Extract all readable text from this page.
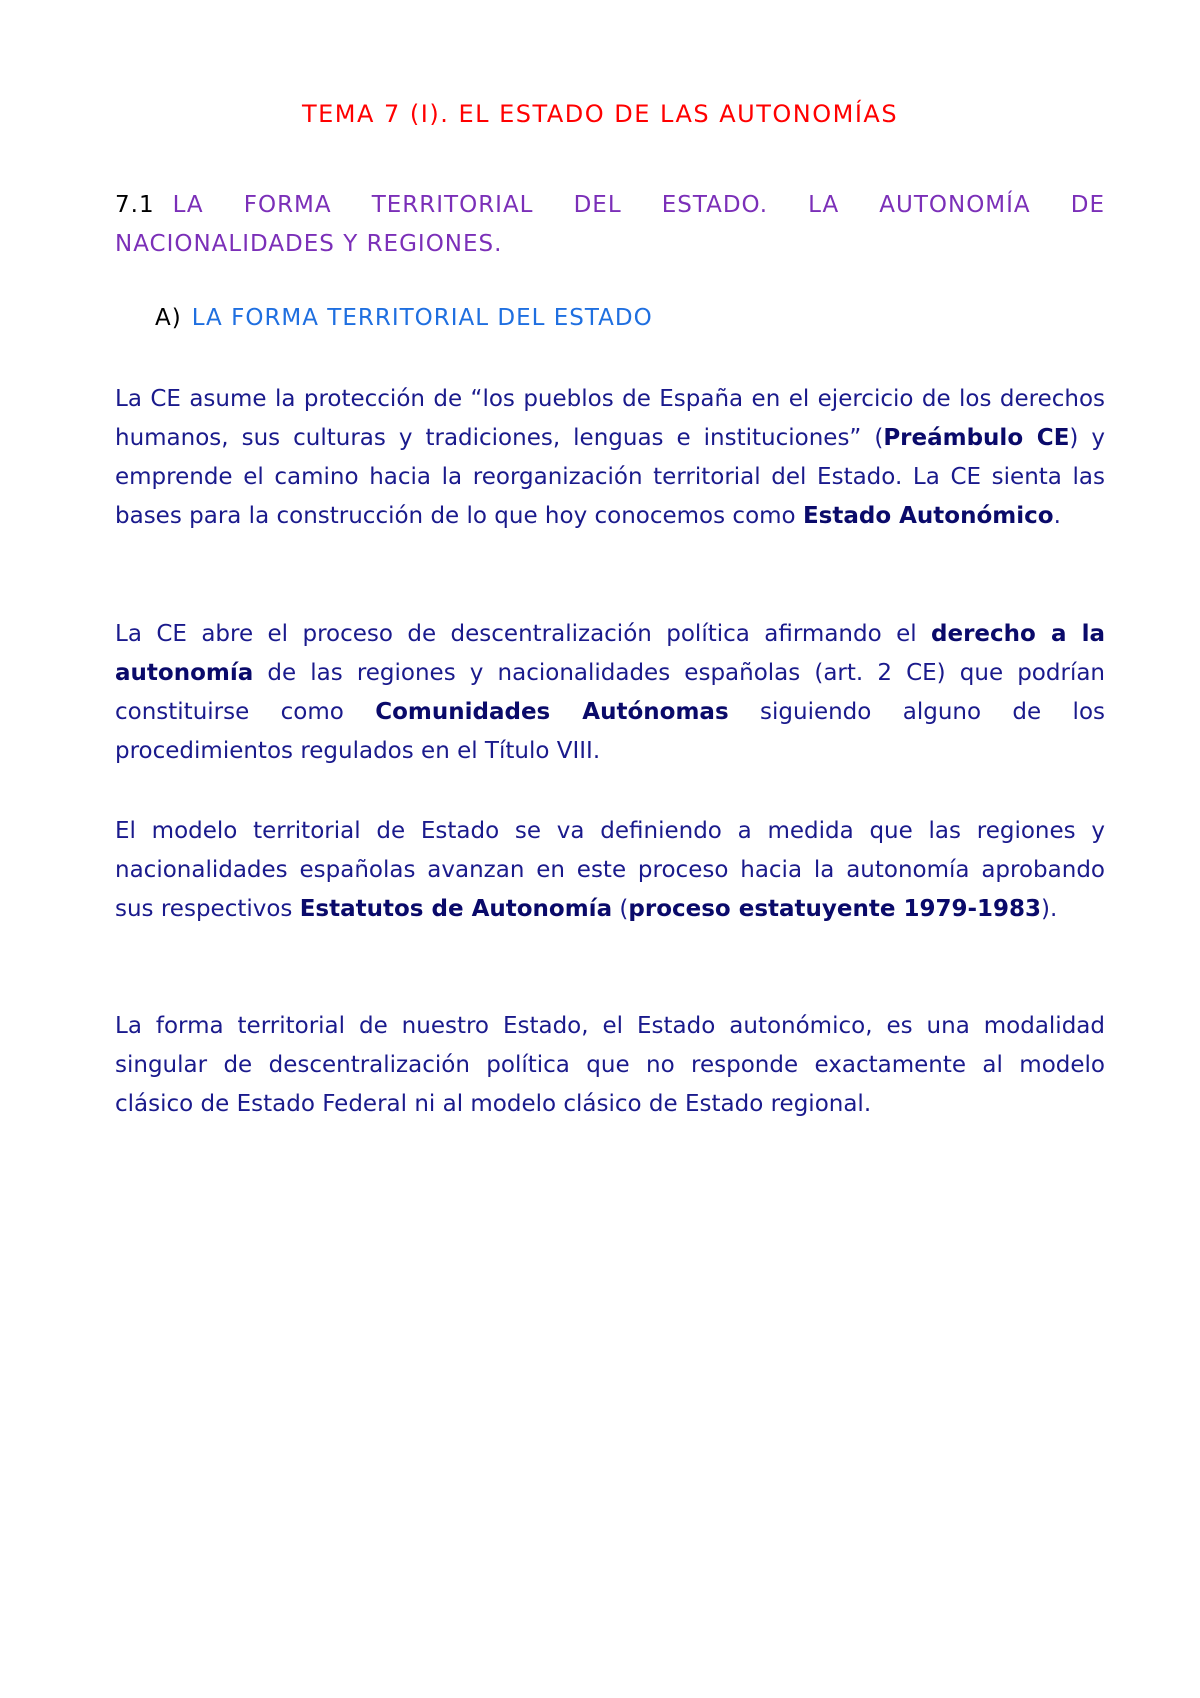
TEMA 7 (I). EL ESTADO DE LAS AUTONOMÍAS
7.1 LA FORMA TERRITORIAL DEL ESTADO. LA AUTONOMÍA DE NACIONALIDADES Y REGIONES.
A) LA FORMA TERRITORIAL DEL ESTADO

La CE asume la protección de “los pueblos de España en el ejercicio de los derechos humanos, sus culturas y tradiciones, lenguas e instituciones” (Preámbulo CE) y emprende el camino hacia la reorganización territorial del Estado. La CE sienta las bases para la construcción de lo que hoy conocemos como Estado Autonómico.

La CE abre el proceso de descentralización política afirmando el derecho a la autonomía de las regiones y nacionalidades españolas (art. 2 CE) que podrían constituirse como Comunidades Autónomas siguiendo alguno de los procedimientos regulados en el Título VIII.

El modelo territorial de Estado se va definiendo a medida que las regiones y nacionalidades españolas avanzan en este proceso hacia la autonomía aprobando sus respectivos Estatutos de Autonomía (proceso estatuyente 1979-1983).

La forma territorial de nuestro Estado, el Estado autonómico, es una modalidad singular de descentralización política que no responde exactamente al modelo clásico de Estado Federal ni al modelo clásico de Estado regional.
